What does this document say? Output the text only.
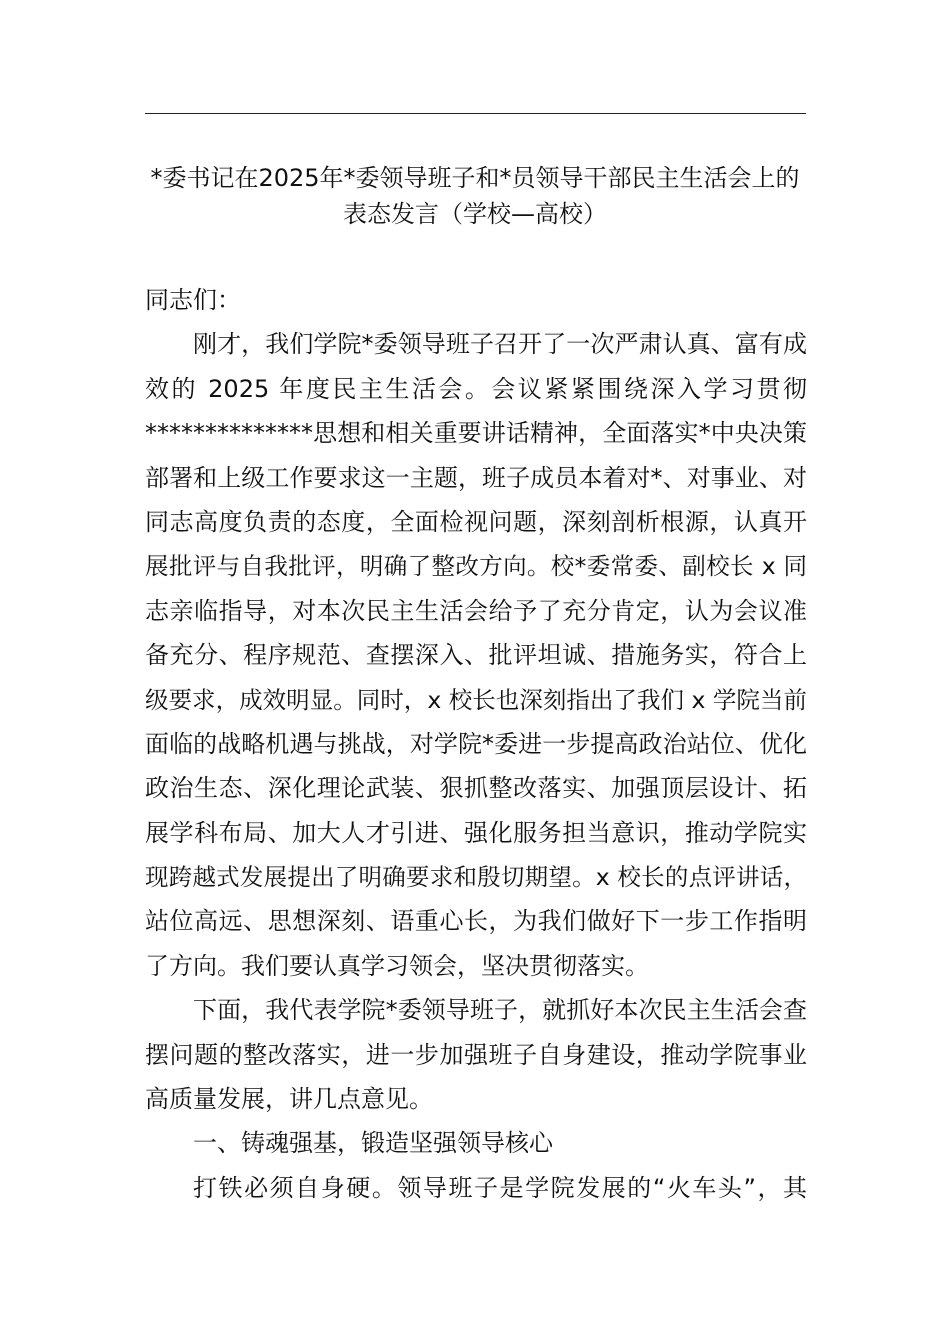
*委书记在2025年*委领导班子和*员领导干部民主生活会上的
表态发言（学校—高校）
同志们：
刚才，我们学院*委领导班子召开了一次严肃认真、富有成
效的 2025 年度民主生活会。会议紧紧围绕深入学习贯彻
**************思想和相关重要讲话精神，全面落实*中央决策
部署和上级工作要求这一主题，班子成员本着对*、对事业、对
同志高度负责的态度，全面检视问题，深刻剖析根源，认真开
展批评与自我批评，明确了整改方向。校*委常委、副校长 x 同
志亲临指导，对本次民主生活会给予了充分肯定，认为会议准
备充分、程序规范、查摆深入、批评坦诚、措施务实，符合上
级要求，成效明显。同时，x 校长也深刻指出了我们 x 学院当前
面临的战略机遇与挑战，对学院*委进一步提高政治站位、优化
政治生态、深化理论武装、狠抓整改落实、加强顶层设计、拓
展学科布局、加大人才引进、强化服务担当意识，推动学院实
现跨越式发展提出了明确要求和殷切期望。x 校长的点评讲话，
站位高远、思想深刻、语重心长，为我们做好下一步工作指明
了方向。我们要认真学习领会，坚决贯彻落实。
下面，我代表学院*委领导班子，就抓好本次民主生活会查
摆问题的整改落实，进一步加强班子自身建设，推动学院事业
高质量发展，讲几点意见。
一、铸魂强基，锻造坚强领导核心
打铁必须自身硬。领导班子是学院发展的“火车头”，其
